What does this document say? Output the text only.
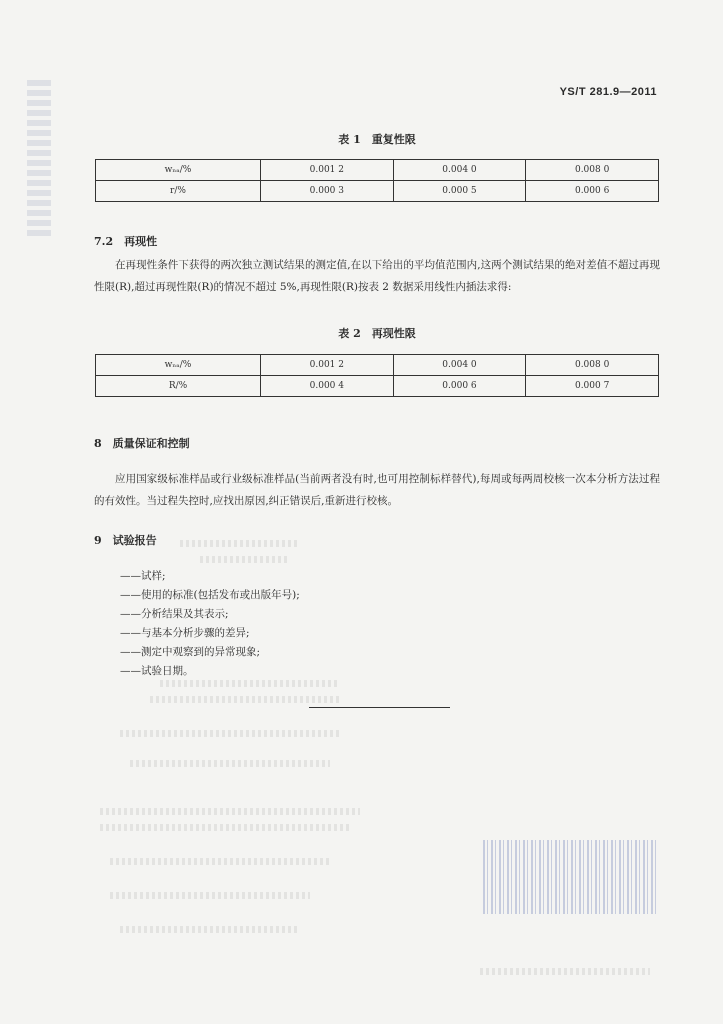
YS/T 281.9—2011
表 1　重复性限
wₙₐ/%	0.001 2	0.004 0	0.008 0
r/%	0.000 3	0.000 5	0.000 6
7.2　再现性

在再现性条件下获得的两次独立测试结果的测定值,在以下给出的平均值范围内,这两个测试结果的绝对差值不超过再现性限(R),超过再现性限(R)的情况不超过 5%,再现性限(R)按表 2 数据采用线性内插法求得:

表 2　再现性限
wₙₐ/%	0.001 2	0.004 0	0.008 0
R/%	0.000 4	0.000 6	0.000 7
8　质量保证和控制

应用国家级标准样品或行业级标准样品(当前两者没有时,也可用控制标样替代),每周或每两周校核一次本分析方法过程的有效性。当过程失控时,应找出原因,纠正错误后,重新进行校核。

9　试验报告
——试样;
——使用的标准(包括发布或出版年号);
——分析结果及其表示;
——与基本分析步骤的差异;
——测定中观察到的异常现象;
——试验日期。
